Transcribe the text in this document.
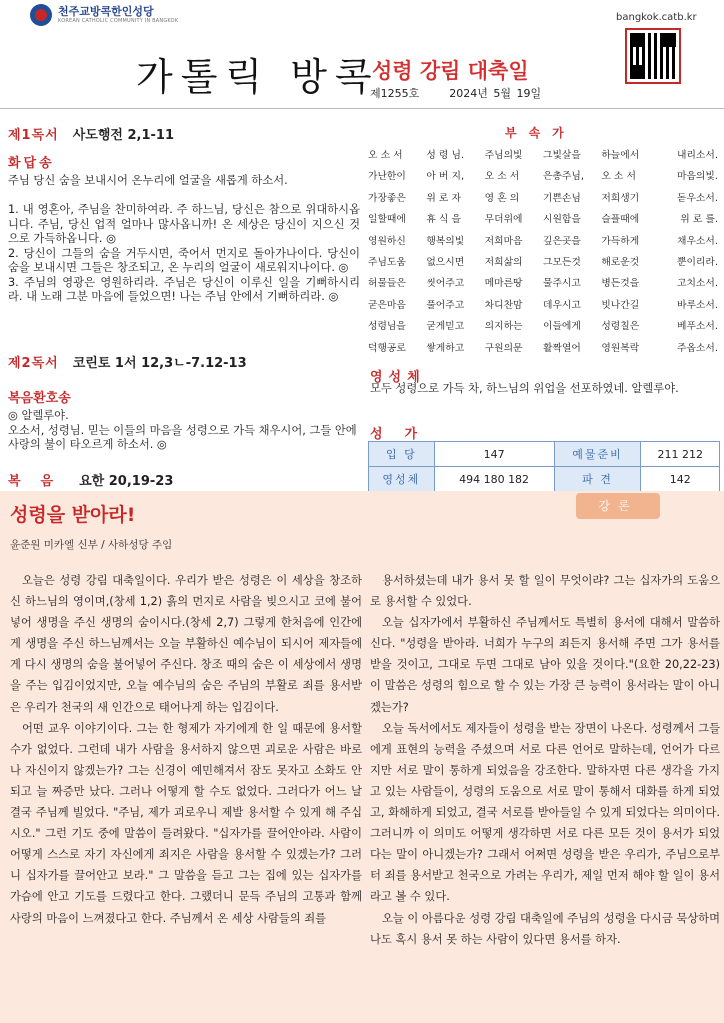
천주교방콕한인성당
KOREAN CATHOLIC COMMUNITY IN BANGKOK	bangkok.catb.kr
가톨릭 방콕
성령 강림 대축일
제1255호	2024년 5월 19일
제1독서 사도행전 2,1-11
화답송
주님 당신 숨을 보내시어 온누리에 얼굴을 새롭게 하소서.
1. 내 영혼아, 주님을 찬미하여라. 주 하느님, 당신은 참으로 위대하시옵니다. 주님, 당신 업적 얼마나 많사옵니까! 온 세상은 당신이 지으신 것으로 가득하옵니다. ◎
2. 당신이 그들의 숨을 거두시면, 죽어서 먼지로 돌아가나이다. 당신이 숨을 보내시면 그들은 창조되고, 온 누리의 얼굴이 새로워지나이다. ◎
3. 주님의 영광은 영원하리라. 주님은 당신이 이루신 일을 기뻐하시리라. 내 노래 그분 마음에 들었으면! 나는 주님 안에서 기뻐하리라. ◎
제2독서 코린토 1서 12,3ㄴ-7.12-13
복음환호송
◎ 알렐루야.
오소서, 성령님. 믿는 이들의 마음을 성령으로 가득 채우시어, 그들 안에 사랑의 불이 타오르게 하소서. ◎
복음 요한 20,19-23
부속가
오 소 서	성 령 님.	주님의빛	그빛살을	하늘에서	내리소서.
가난한이	아 버 지,	오 소 서	은총주님,	오 소 서	마음의빛.
가장좋은	위 로 자	영 혼 의	기쁜손님	저희생기	돋우소서.
일할때에	휴 식 을	무더위에	시원함을	슬플때에	위 로 를.
영원하신	행복의빛	저희마음	깊은곳을	가득하게	채우소서.
주님도움	없으시면	저희삶의	그모든것	해로운것	뿐이리라.
허물들은	씻어주고	메마른땅	물주시고	병든것을	고치소서.
굳은마음	풀어주고	차디찬맘	데우시고	빗나간길	바루소서.
성령님을	굳게믿고	의지하는	이들에게	성령칠은	베푸소서.
덕행공로	쌓게하고	구원의문	활짝열어	영원복락	주옵소서.
영성체
모두 성령으로 가득 차, 하느님의 위업을 선포하였네. 알렐루야.
성가
입 당	147	예물준비	211 212
영성체	494 180 182	파 견	142
성령을 받아라!	강론
윤준원 미카엘 신부 / 사하성당 주임

오늘은 성령 강림 대축일이다. 우리가 받은 성령은 이 세상을 창조하신 하느님의 영이며,(창세 1,2) 흙의 먼지로 사람을 빚으시고 코에 불어넣어 생명을 주신 생명의 숨이시다.(창세 2,7) 그렇게 한처음에 인간에게 생명을 주신 하느님께서는 오늘 부활하신 예수님이 되시어 제자들에게 다시 생명의 숨을 불어넣어 주신다. 창조 때의 숨은 이 세상에서 생명을 주는 입김이었지만, 오늘 예수님의 숨은 주님의 부활로 죄를 용서받은 우리가 천국의 새 인간으로 태어나게 하는 입김이다.

어떤 교우 이야기이다. 그는 한 형제가 자기에게 한 일 때문에 용서할 수가 없었다. 그런데 내가 사람을 용서하지 않으면 괴로운 사람은 바로 나 자신이지 않겠는가? 그는 신경이 예민해져서 잠도 못자고 소화도 안 되고 늘 짜증만 났다. 그러나 어떻게 할 수도 없었다. 그러다가 어느 날 결국 주님께 빌었다. "주님, 제가 괴로우니 제발 용서할 수 있게 해 주십시오." 그런 기도 중에 말씀이 들려왔다. "십자가를 끌어안아라. 사람이 어떻게 스스로 자기 자신에게 죄지은 사람을 용서할 수 있겠는가? 그러니 십자가를 끌어안고 보라." 그 말씀을 듣고 그는 집에 있는 십자가를 가슴에 안고 기도를 드렸다고 한다. 그랬더니 문득 주님의 고통과 함께 사랑의 마음이 느껴졌다고 한다. 주님께서 온 세상 사람들의 죄를

용서하셨는데 내가 용서 못 할 일이 무엇이랴? 그는 십자가의 도움으로 용서할 수 있었다.

오늘 십자가에서 부활하신 주님께서도 특별히 용서에 대해서 말씀하신다. "성령을 받아라. 너희가 누구의 죄든지 용서해 주면 그가 용서를 받을 것이고, 그대로 두면 그대로 남아 있을 것이다."(요한 20,22-23) 이 말씀은 성령의 힘으로 할 수 있는 가장 큰 능력이 용서라는 말이 아니겠는가?

오늘 독서에서도 제자들이 성령을 받는 장면이 나온다. 성령께서 그들에게 표현의 능력을 주셨으며 서로 다른 언어로 말하는데, 언어가 다르지만 서로 말이 통하게 되었음을 강조한다. 말하자면 다른 생각을 가지고 있는 사람들이, 성령의 도움으로 서로 말이 통해서 대화를 하게 되었고, 화해하게 되었고, 결국 서로를 받아들일 수 있게 되었다는 의미이다. 그러니까 이 의미도 어떻게 생각하면 서로 다른 모든 것이 용서가 되었다는 말이 아니겠는가? 그래서 어쩌면 성령을 받은 우리가, 주님으로부터 죄를 용서받고 천국으로 가려는 우리가, 제일 먼저 해야 할 일이 용서라고 볼 수 있다.

오늘 이 아름다운 성령 강림 대축일에 주님의 성령을 다시금 묵상하며 나도 혹시 용서 못 하는 사람이 있다면 용서를 하자.
